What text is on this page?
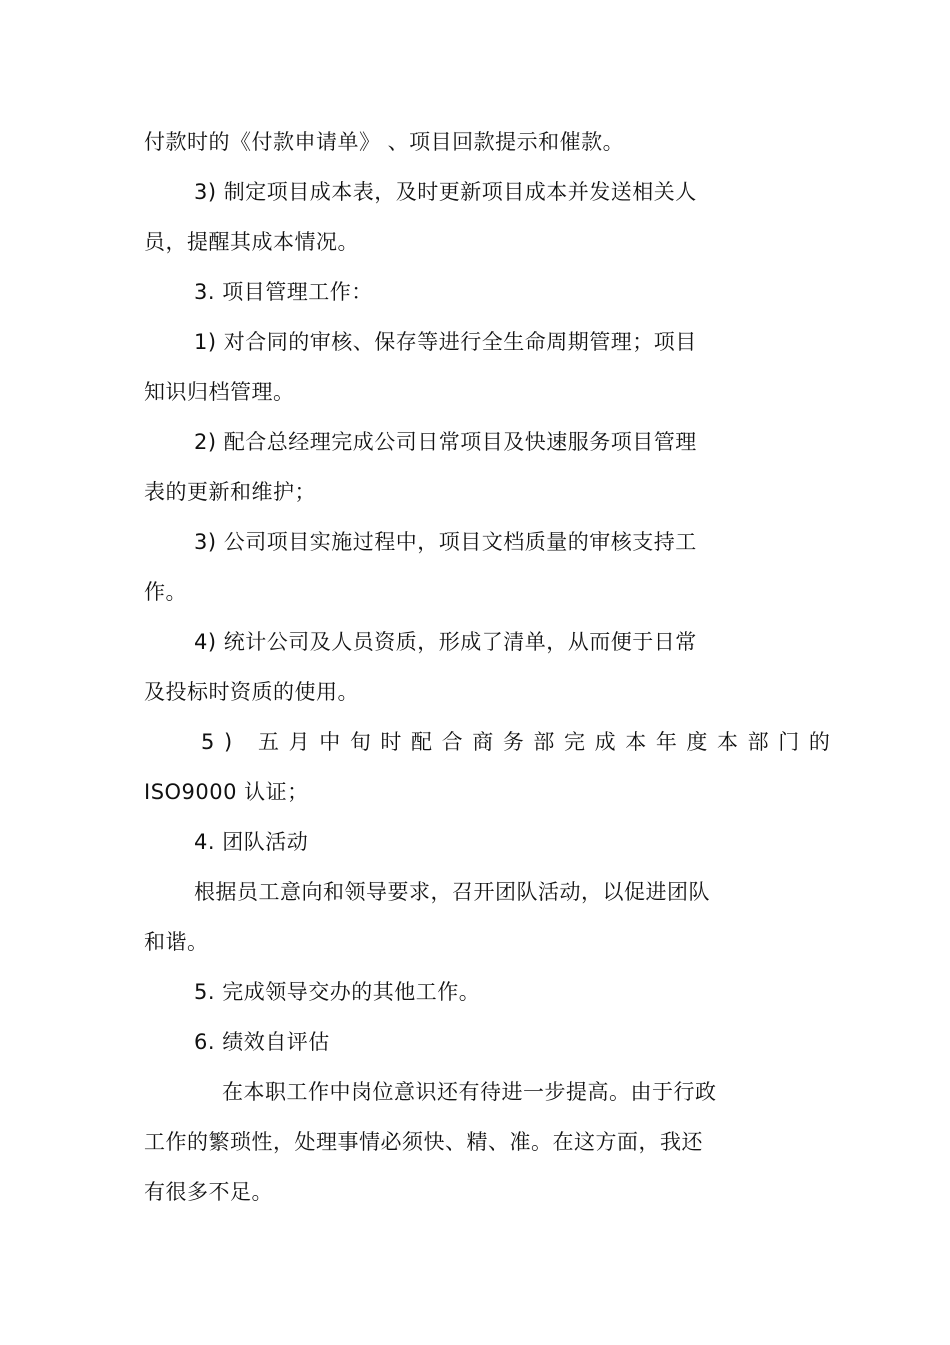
付款时的《付款申请单》 、项目回款提示和催款。
3) 制定项目成本表，及时更新项目成本并发送相关人
员，提醒其成本情况。
3. 项目管理工作：
1) 对合同的审核、保存等进行全生命周期管理；项目
知识归档管理。
2) 配合总经理完成公司日常项目及快速服务项目管理
表的更新和维护；
3) 公司项目实施过程中，项目文档质量的审核支持工
作。
4) 统计公司及人员资质，形成了清单，从而便于日常
及投标时资质的使用。
5) 五月中旬时配合商务部完成本年度本部门的
ISO9000 认证；
4. 团队活动
根据员工意向和领导要求，召开团队活动，以促进团队
和谐。
5. 完成领导交办的其他工作。
6. 绩效自评估
在本职工作中岗位意识还有待进一步提高。由于行政
工作的繁琐性，处理事情必须快、精、准。在这方面，我还
有很多不足。
